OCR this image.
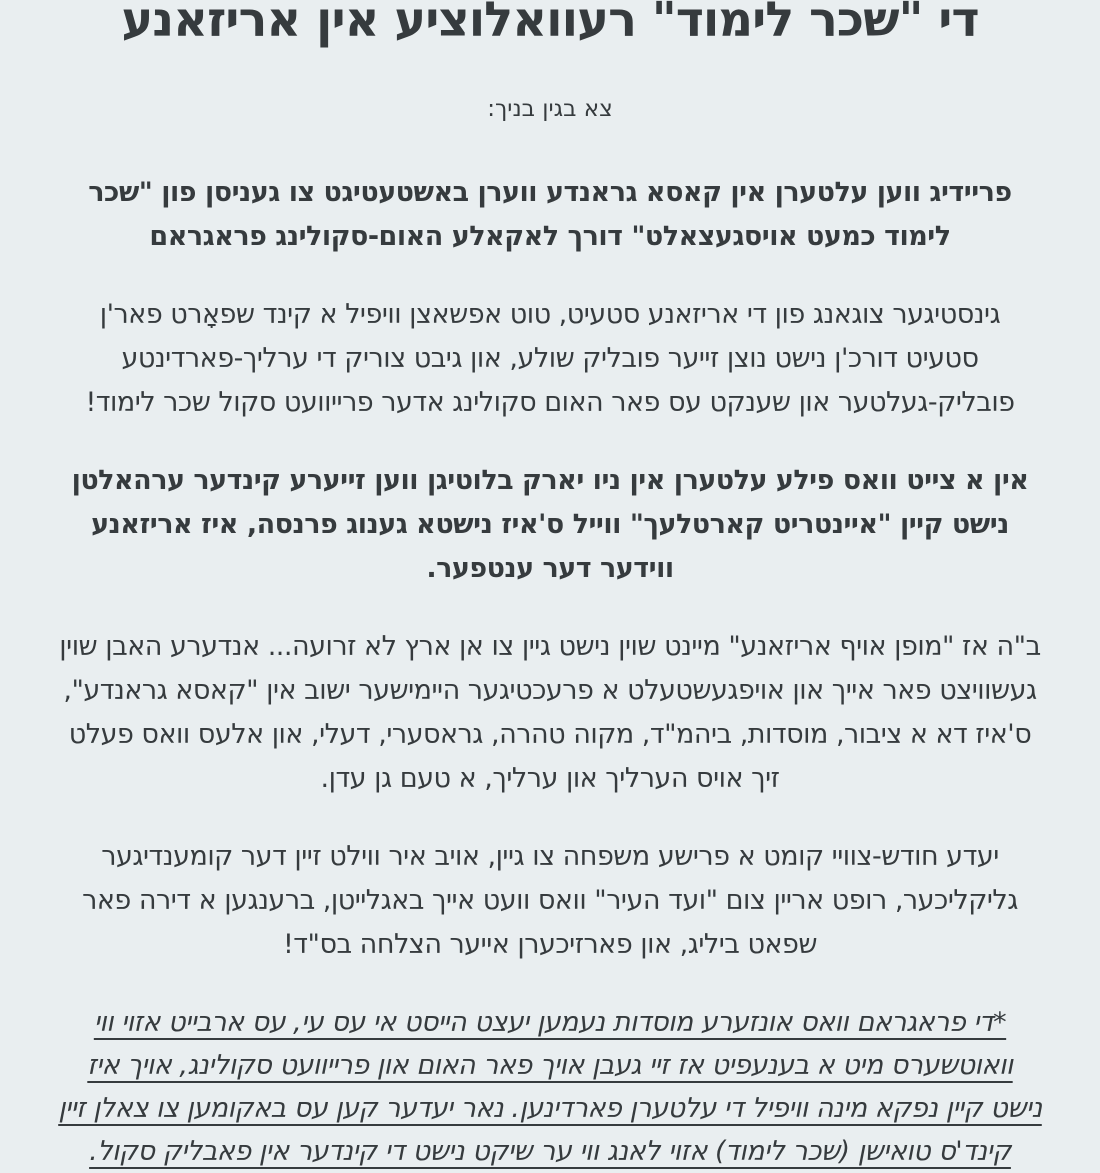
די "שכר לימוד" רעוואלוציע אין אריזאנע

צא בגין בניך:

פריידיג ווען עלטערן אין קאסא גראנדע ווערן באשטעטיגט צו געניסן פון "שכר
לימוד כמעט אויסגעצאלט" דורך לאקאלע האום-סקולינג פראגראם
גינסטיגער צוגאנג פון די אריזאנע סטעיט, טוט אפשאצן וויפיל א קינד שפאָרט פאר'ן
סטעיט דורכ'ן נישט נוצן זייער פובליק שולע, און גיבט צוריק די ערליך-פארדינטע
פובליק-געלטער און שענקט עס פאר האום סקולינג אדער פרייוועט סקול שכר לימוד!
אין א צייט וואס פילע עלטערן אין ניו יארק בלוטיגן ווען זייערע קינדער ערהאלטן
נישט קיין "איינטריט קארטלעך" ווייל ס'איז נישטא גענוג פרנסה, איז אריזאנע
ווידער דער ענטפער.
ב"ה אז "מופן אויף אריזאנע" מיינט שוין נישט גיין צו אן ארץ לא זרועה... אנדערע האבן שוין
געשוויצט פאר אייך און אויפגעשטעלט א פרעכטיגער היימישער ישוב אין "קאסא גראנדע",
ס'איז דא א ציבור, מוסדות, ביהמ"ד, מקוה טהרה, גראסערי, דעלי, און אלעס וואס פעלט
זיך אויס הערליך און ערליך, א טעם גן עדן.
יעדע חודש-צוויי קומט א פרישע משפחה צו גיין, אויב איר ווילט זיין דער קומענדיגער
גליקליכער, רופט אריין צום "ועד העיר" וואס וועט אייך באגלייטן, ברענגען א דירה פאר
שפאט ביליג, און פארזיכערן אייער הצלחה בס"ד!
*די פראגראם וואס אונזערע מוסדות נעמען יעצט הייסט אי עס עי, עס ארבייט אזוי ווי
וואוטשערס מיט א בענעפיט אז זיי געבן אויך פאר האום און פרייוועט סקולינג, אויך איז
נישט קיין נפקא מינה וויפיל די עלטערן פארדינען. נאר יעדער קען עס באקומען צו צאלן זיין
קינד'ס טואישן (שכר לימוד) אזוי לאנג ווי ער שיקט נישט די קינדער אין פאבליק סקול.
